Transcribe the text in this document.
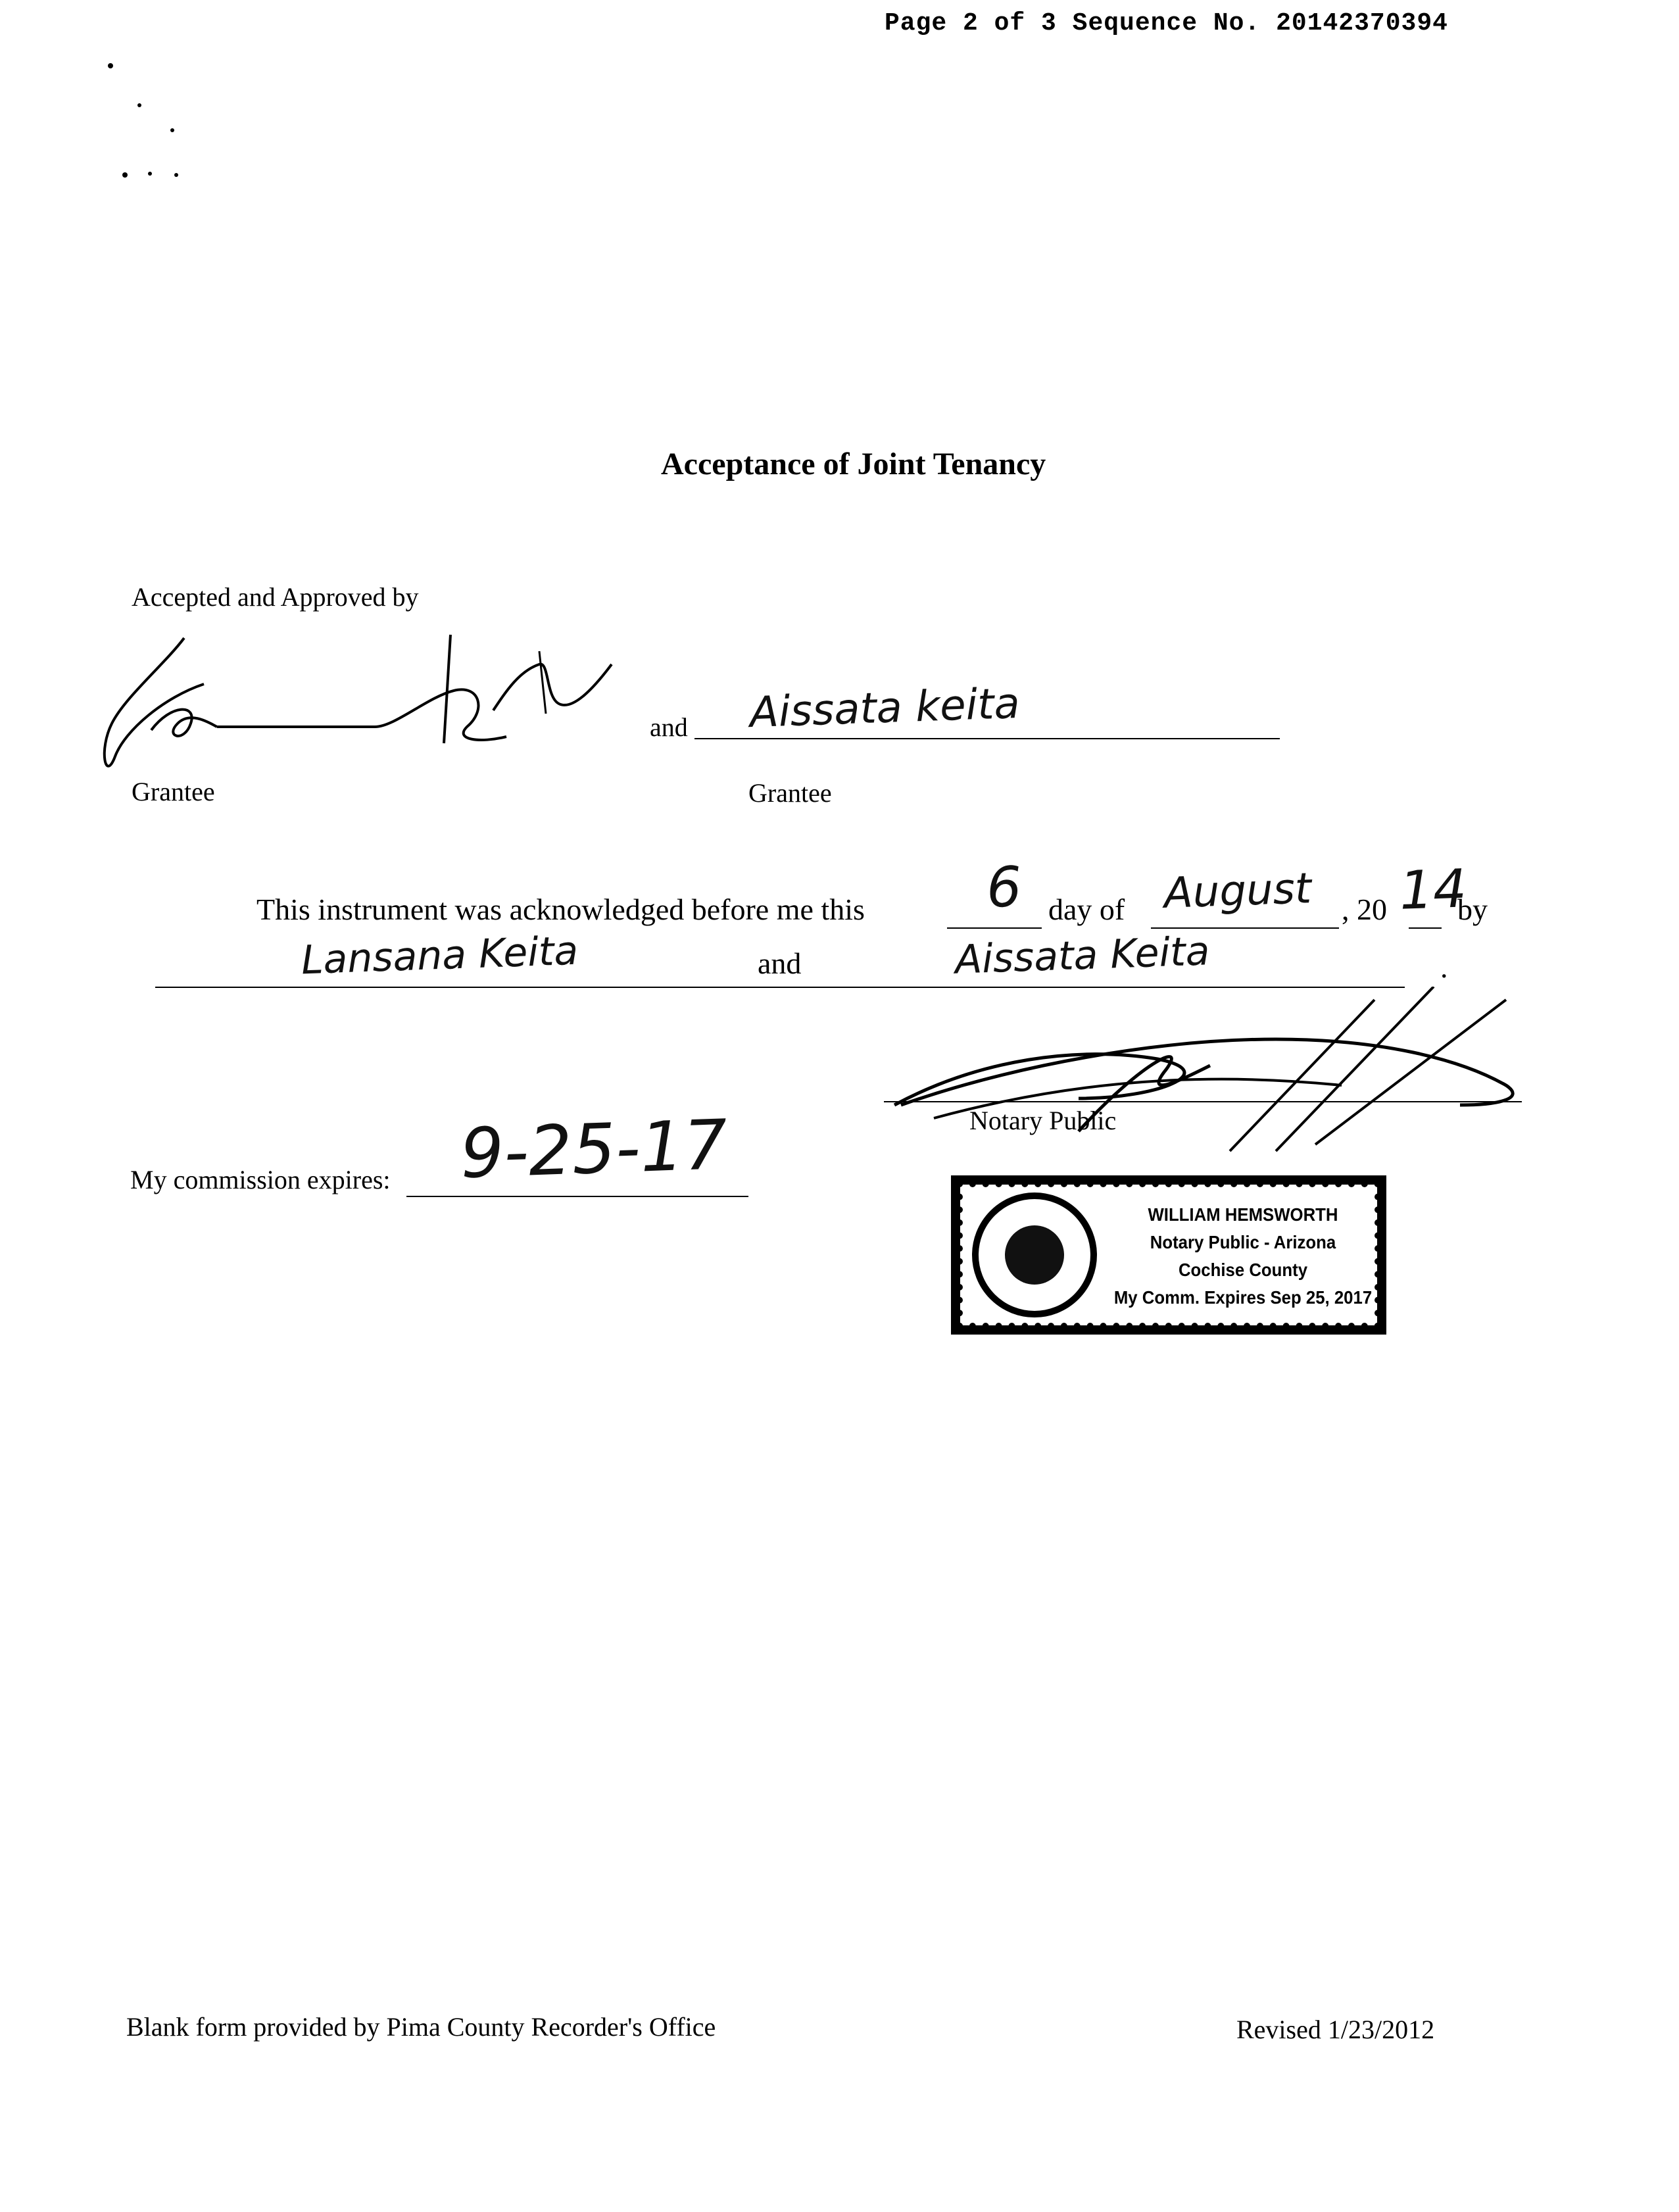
Page 2 of 3 Sequence No. 20142370394
Acceptance of Joint Tenancy
Accepted and Approved by
and Aissata keita
Grantee	Grantee
This instrument was acknowledged before me this 6 day of August , 20 14
by
Lansana Keita	and	Aissata Keita	.
Notary Public
My commission expires: 9-25-17
WILLIAM HEMSWORTH
Notary Public - Arizona
Cochise County
My Comm. Expires Sep 25, 2017
Blank form provided by Pima County Recorder's Office	Revised 1/23/2012
